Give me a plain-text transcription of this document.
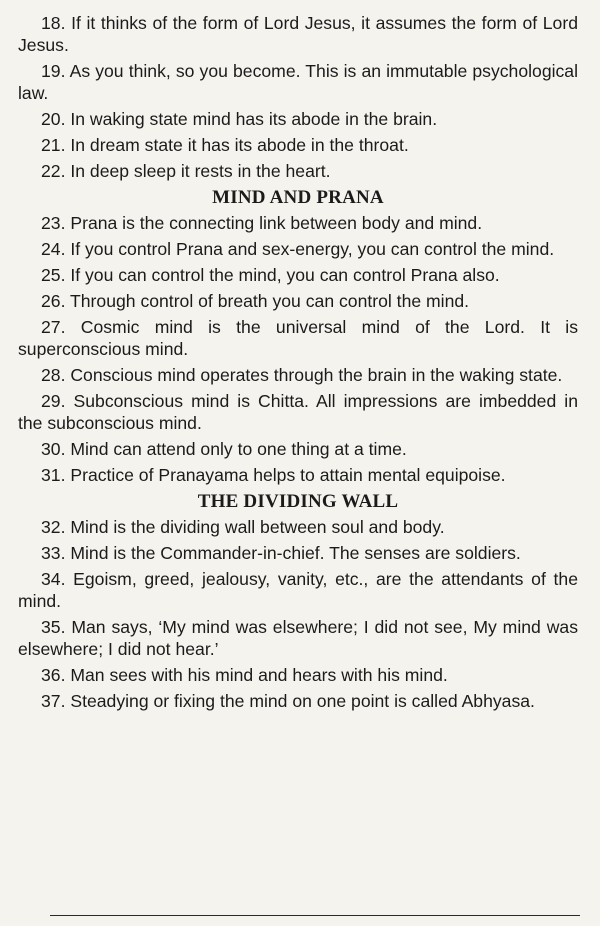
18. If it thinks of the form of Lord Jesus, it assumes the form of Lord Jesus.

19. As you think, so you become. This is an immutable psychological law.

20. In waking state mind has its abode in the brain.

21. In dream state it has its abode in the throat.

22. In deep sleep it rests in the heart.

MIND AND PRANA

23. Prana is the connecting link between body and mind.

24. If you control Prana and sex-energy, you can control the mind.

25. If you can control the mind, you can control Prana also.

26. Through control of breath you can control the mind.

27. Cosmic mind is the universal mind of the Lord. It is superconscious mind.

28. Conscious mind operates through the brain in the waking state.

29. Subconscious mind is Chitta. All impressions are imbedded in the subconscious mind.

30. Mind can attend only to one thing at a time.

31. Practice of Pranayama helps to attain mental equipoise.

THE DIVIDING WALL

32. Mind is the dividing wall between soul and body.

33. Mind is the Commander-in-chief. The senses are soldiers.

34. Egoism, greed, jealousy, vanity, etc., are the attendants of the mind.

35. Man says, ‘My mind was elsewhere; I did not see, My mind was elsewhere; I did not hear.’

36. Man sees with his mind and hears with his mind.

37. Steadying or fixing the mind on one point is called Abhyasa.
